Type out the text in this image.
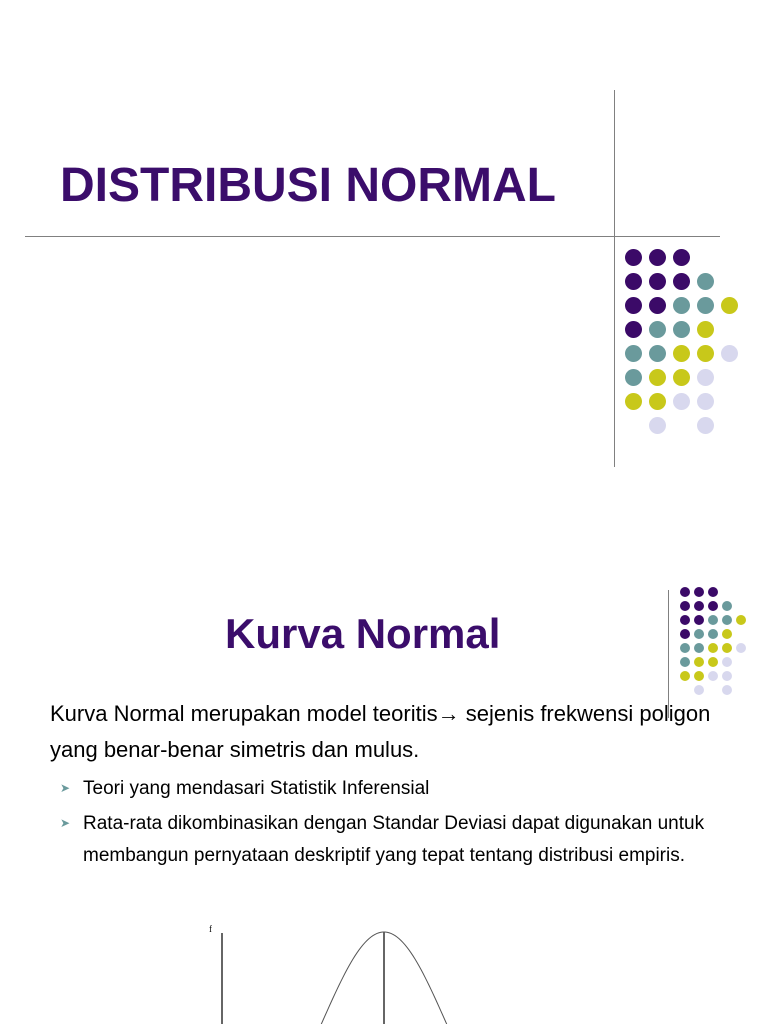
DISTRIBUSI NORMAL
Kurva Normal

Kurva Normal merupakan model teoritis→ sejenis frekwensi poligon yang benar-benar simetris dan mulus.

➤ Teori yang mendasari Statistik Inferensial
➤ Rata-rata dikombinasikan dengan Standar Deviasi dapat digunakan untuk membangun pernyataan deskriptif yang tepat tentang distribusi empiris.
f
